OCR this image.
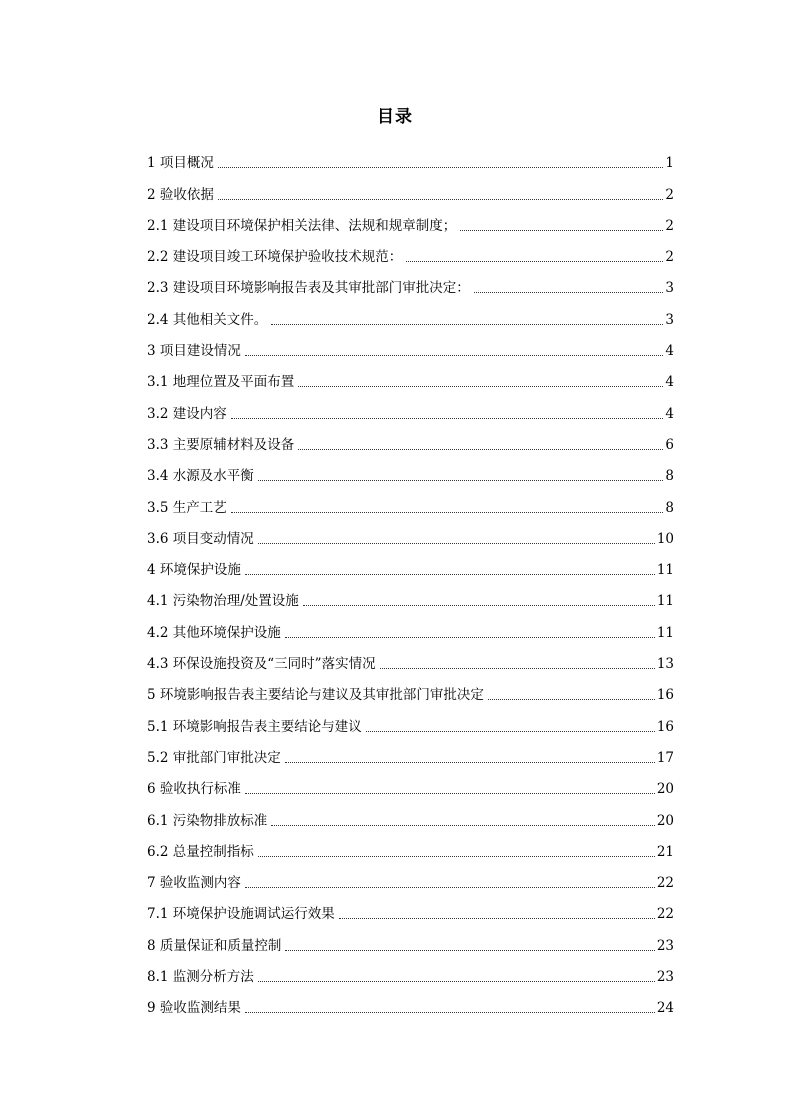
目录
1 项目概况	1
2 验收依据	2
2.1 建设项目环境保护相关法律、法规和规章制度；	2
2.2 建设项目竣工环境保护验收技术规范：	2
2.3 建设项目环境影响报告表及其审批部门审批决定：	3
2.4 其他相关文件。	3
3 项目建设情况	4
3.1 地理位置及平面布置	4
3.2 建设内容	4
3.3 主要原辅材料及设备	6
3.4 水源及水平衡	8
3.5 生产工艺	8
3.6 项目变动情况	10
4 环境保护设施	11
4.1 污染物治理/处置设施	11
4.2 其他环境保护设施	11
4.3 环保设施投资及“三同时”落实情况	13
5 环境影响报告表主要结论与建议及其审批部门审批决定	16
5.1 环境影响报告表主要结论与建议	16
5.2 审批部门审批决定	17
6 验收执行标准	20
6.1 污染物排放标准	20
6.2 总量控制指标	21
7 验收监测内容	22
7.1 环境保护设施调试运行效果	22
8 质量保证和质量控制	23
8.1 监测分析方法	23
9 验收监测结果	24
